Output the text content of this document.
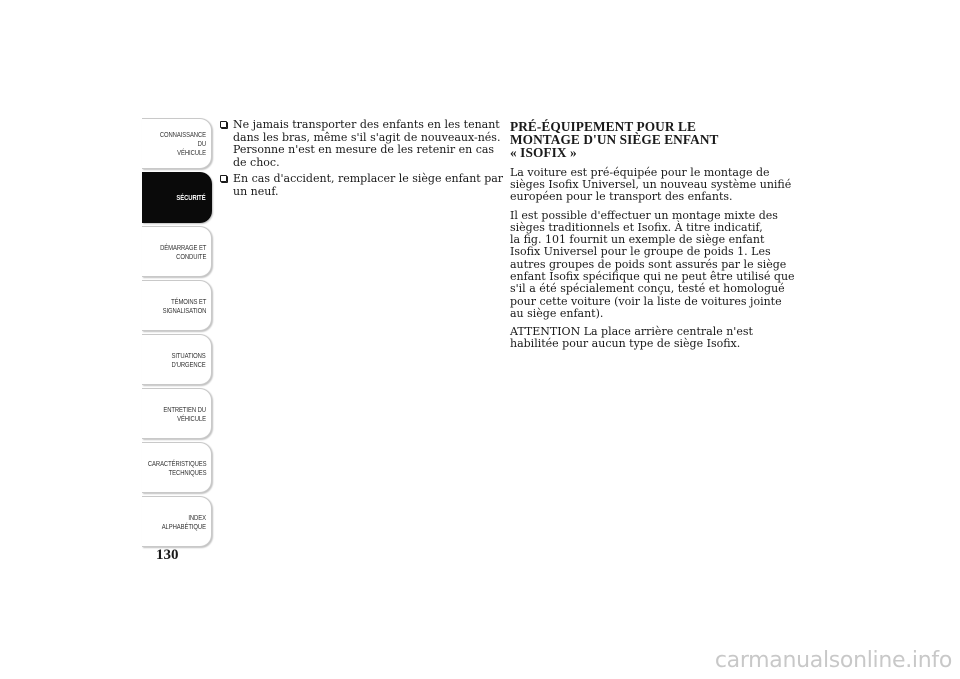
CONNAISSANCE DU
VÉHICULE
SÉCURITÉ
DÉMARRAGE ET
CONDUITE
TÉMOINS ET
SIGNALISATION
SITUATIONS
D'URGENCE
ENTRETIEN DU
VÉHICULE
CARACTÉRISTIQUES
TECHNIQUES
INDEX
ALPHABÉTIQUE
130
Ne jamais transporter des enfants en les tenant
dans les bras, même s'il s'agit de nouveaux-nés.
Personne n'est en mesure de les retenir en cas
de choc.
En cas d'accident, remplacer le siège enfant par
un neuf.
PRÉ-ÉQUIPEMENT POUR LE
MONTAGE D'UN SIÈGE ENFANT
« ISOFIX »

La voiture est pré-équipée pour le montage de
sièges Isofix Universel, un nouveau système unifié
européen pour le transport des enfants.

Il est possible d'effectuer un montage mixte des
sièges traditionnels et Isofix. À titre indicatif,
la fig. 101 fournit un exemple de siège enfant
Isofix Universel pour le groupe de poids 1. Les
autres groupes de poids sont assurés par le siège
enfant Isofix spécifique qui ne peut être utilisé que
s'il a été spécialement conçu, testé et homologué
pour cette voiture (voir la liste de voitures jointe
au siège enfant).

ATTENTION La place arrière centrale n'est
habilitée pour aucun type de siège Isofix.

carmanualsonline.info
